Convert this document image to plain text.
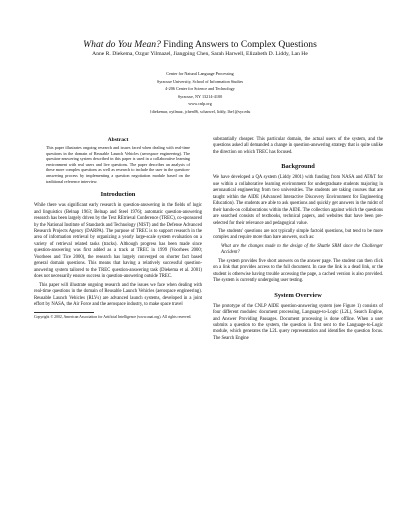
What do You Mean? Finding Answers to Complex Questions
Anne R. Diekema, Ozgur Yilmazel, Jiangping Chen, Sarah Harwell, Elizabeth D. Liddy, Lan He
Center for Natural Language Processing
Syracuse University, School of Information Studies
4-206 Center for Science and Technology
Syracuse, NY 13214-4100
www.cnlp.org
{diekemar, oyilmaz, jchen06, scharwel, liddy, lhe}@syr.edu
Abstract
This paper illustrates ongoing research and issues faced when dealing with real-time questions in the domain of Reusable Launch Vehicles (aerospace engineering). The question-answering system described in this paper is used in a collaborative learning environment with real users and live questions. The paper describes an analysis of these more complex questions as well as research to include the user in the question-answering process by implementing a question negotiation module based on the traditional reference interview.
Introduction

While there was significant early research in question-answering in the fields of logic and linguistics (Belnap 1963; Belnap and Steel 1976); automatic question-answering research has been largely driven by the Text REtrieval Conference (TREC), co-sponsored by the National Institute of Standards and Technology (NIST) and the Defense Advanced Research Projects Agency (DARPA). The purpose of TREC is to support research in the area of information retrieval by organizing a yearly large-scale system evaluation on a variety of retrieval related tasks (tracks). Although progress has been made since question-answering was first added as a track at TREC in 1999 (Voorhees 2000; Voorhees and Tice 2000), the research has largely converged on shorter fact based general domain questions. This means that having a relatively successful question-answering system tailored to the TREC question-answering task (Diekema et al. 2001) does not necessarily ensure success in question-answering outside TREC.

This paper will illustrate ongoing research and the issues we face when dealing with real-time questions in the domain of Reusable Launch Vehicles (aerospace engineering). Reusable Launch Vehicles (RLVs) are advanced launch systems, developed in a joint effort by NASA, the Air Force and the aerospace industry, to make space travel

Copyright © 2002, American Association for Artificial Intelligence (www.aaai.org). All rights reserved.

substantially cheaper. This particular domain, the actual users of the system, and the questions asked all demanded a change in question-answering strategy that is quite unlike the direction on which TREC has focused.

Background

We have developed a QA system (Liddy 2001) with funding from NASA and AT&T for use within a collaborative learning environment for undergraduate students majoring in aeronautical engineering from two universities. The students are taking courses that are taught within the AIDE (Advanced Interactive Discovery Environment for Engineering Education). The students are able to ask questions and quickly get answers in the midst of their hands-on collaborations within the AIDE. The collection against which the questions are searched consists of textbooks, technical papers, and websites that have been pre-selected for their relevance and pedagogical value.

The students' questions are not typically simple factoid questions, but tend to be more complex and require more than bare answers, such as:

What are the changes made to the design of the Shuttle SRM since the Challenger Accident?

The system provides five short answers on the answer page. The student can then click on a link that provides access to the full document. In case the link is a dead link, or the student is otherwise having trouble accessing the page, a cached version is also provided. The system is currently undergoing user testing.

System Overview

The prototype of the CNLP AIDE question-answering system (see Figure 1) consists of four different modules: document processing, Language-to-Logic (L2L), Search Engine, and Answer Providing Passages. Document processing is done offline. When a user submits a question to the system, the question is first sent to the Language-to-Logic module, which generates the L2L query representation and identifies the question focus. The Search Engine
